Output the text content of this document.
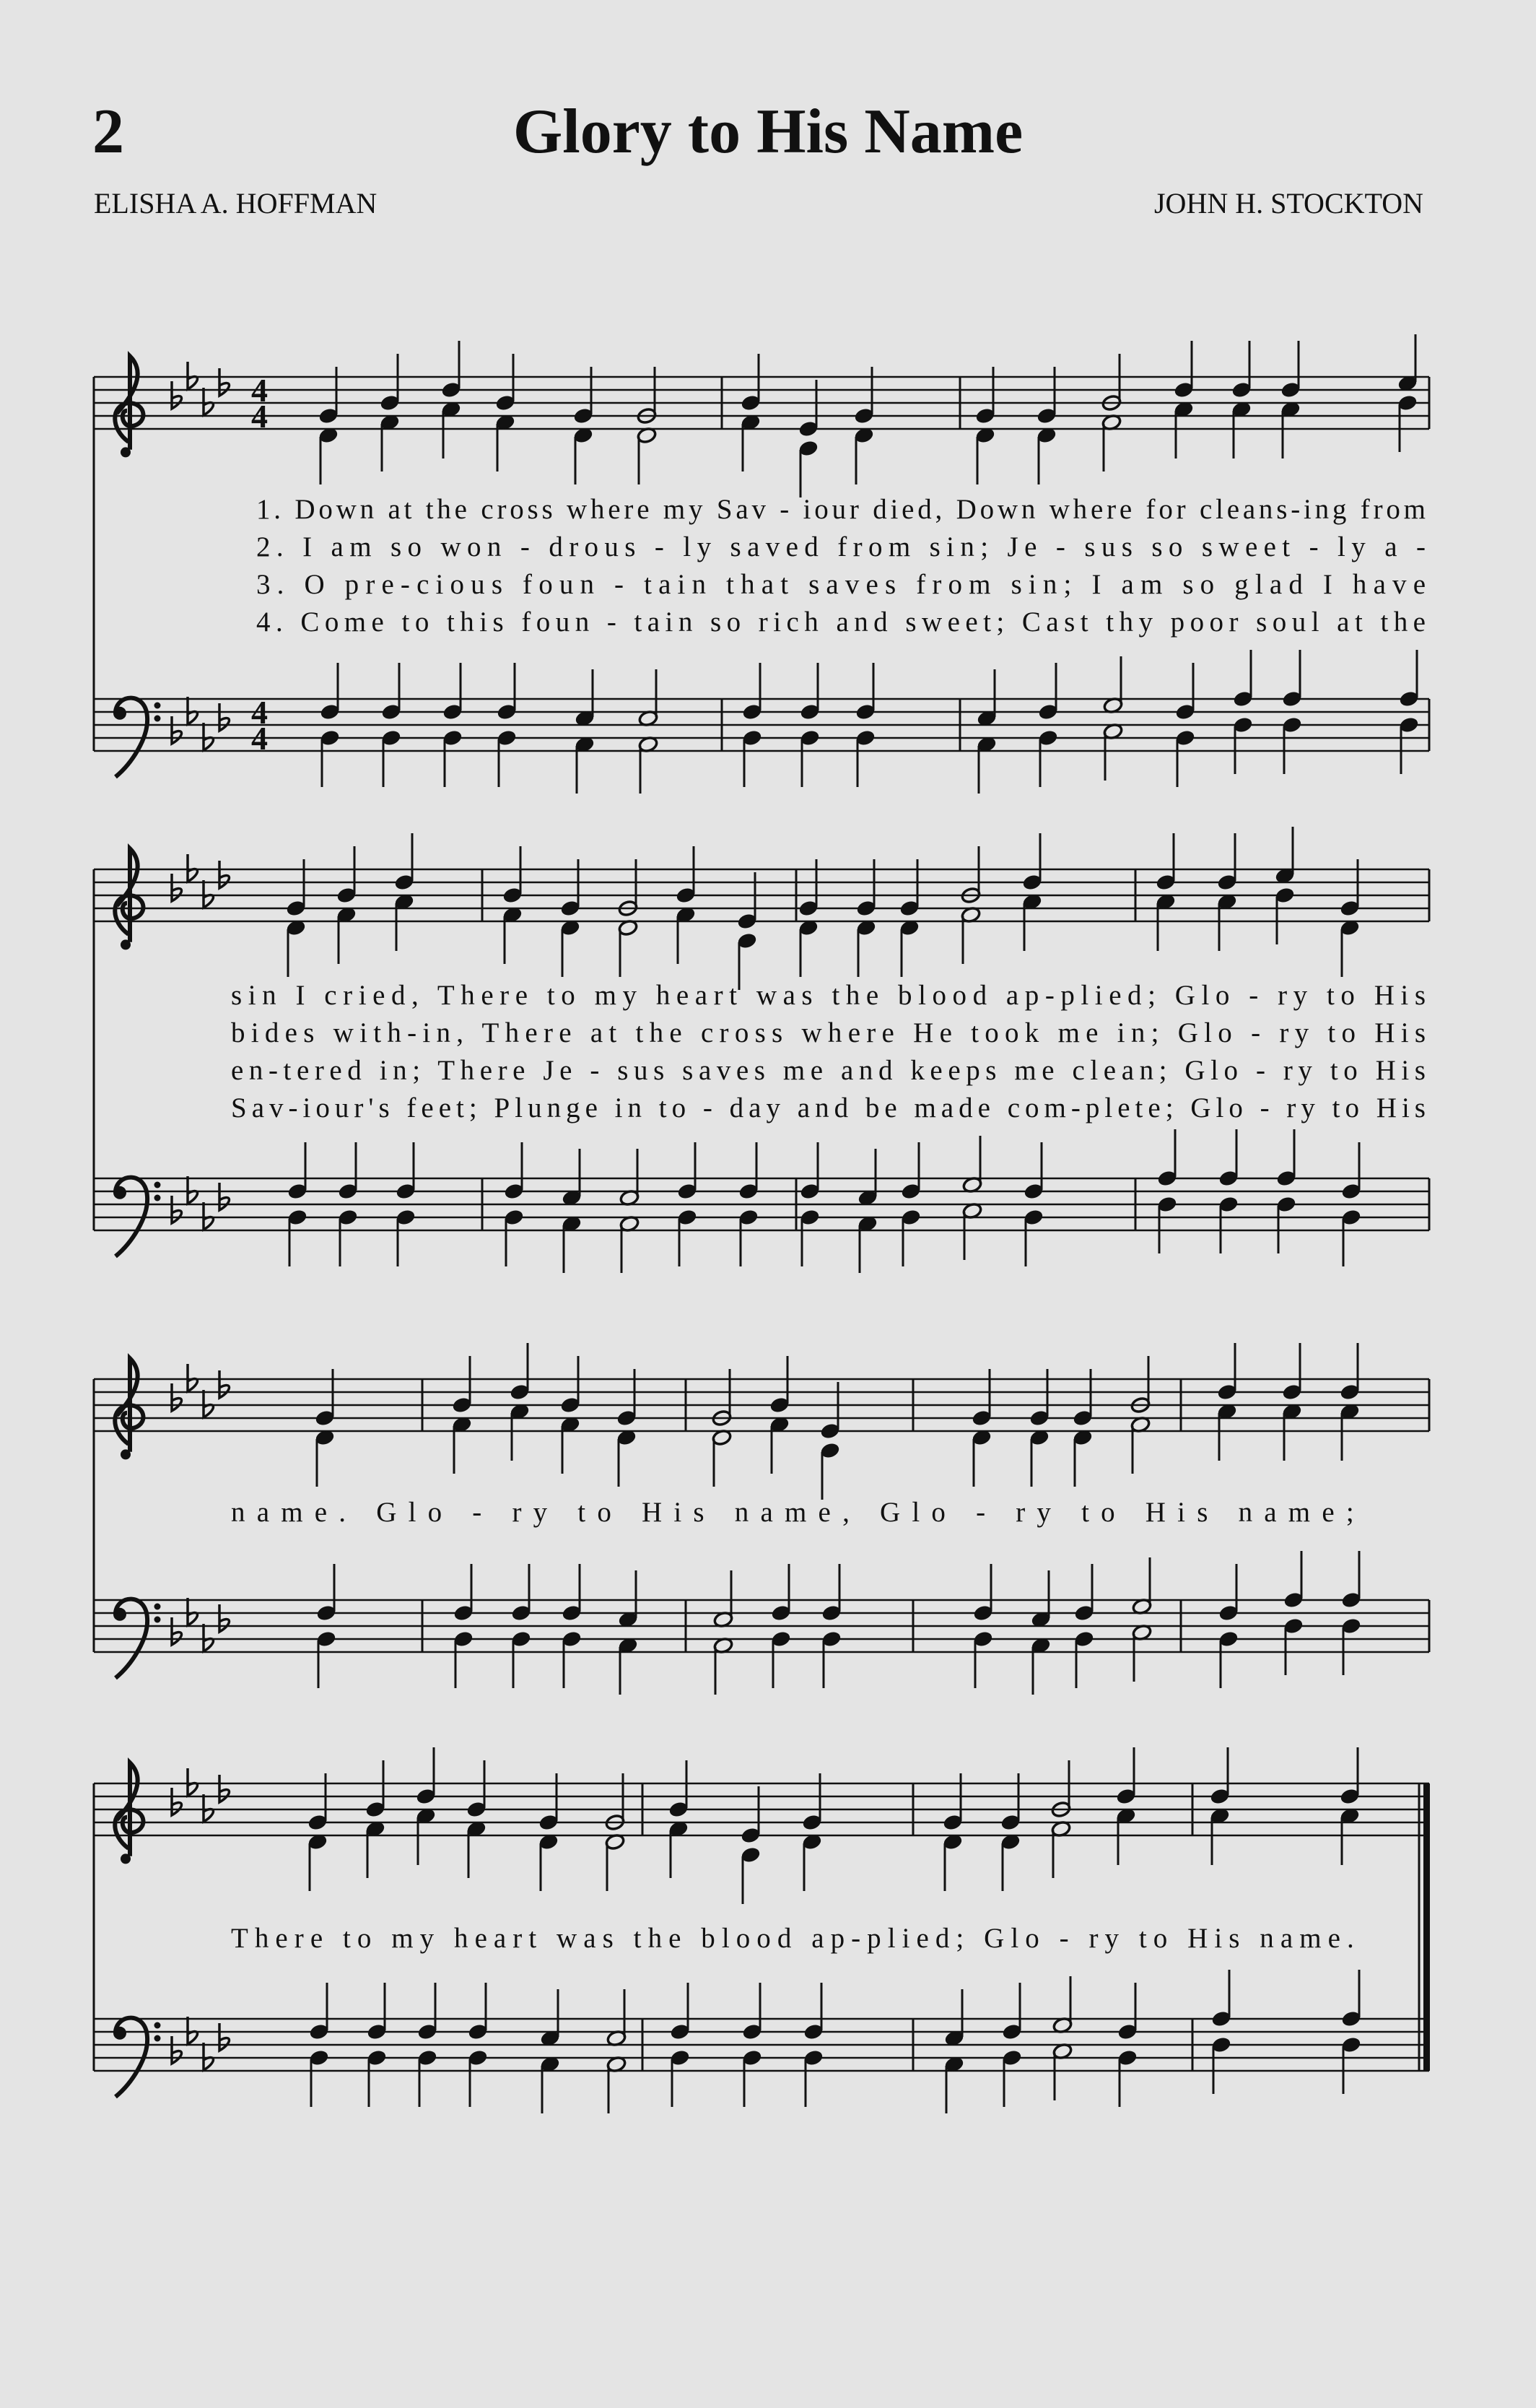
2	Glory to His Name
ELISHA A. HOFFMAN	JOHN H. STOCKTON
4
4
4
4
1. Down at the cross where my Sav - iour died, Down where for cleans-ing from
2. I am so won - drous - ly saved from sin; Je - sus so sweet - ly a -
3. O pre-cious foun - tain that saves from sin; I am so glad I have
4. Come to this foun - tain so rich and sweet; Cast thy poor soul at the
sin I cried, There to my heart was the blood ap-plied; Glo - ry to His
bides with-in, There at the cross where He took me in; Glo - ry to His
en-tered in; There Je - sus saves me and keeps me clean; Glo - ry to His
Sav-iour's feet; Plunge in to - day and be made com-plete; Glo - ry to His
name. Glo - ry to His name, Glo - ry to His name;
There to my heart was the blood ap-plied; Glo - ry to His name.
